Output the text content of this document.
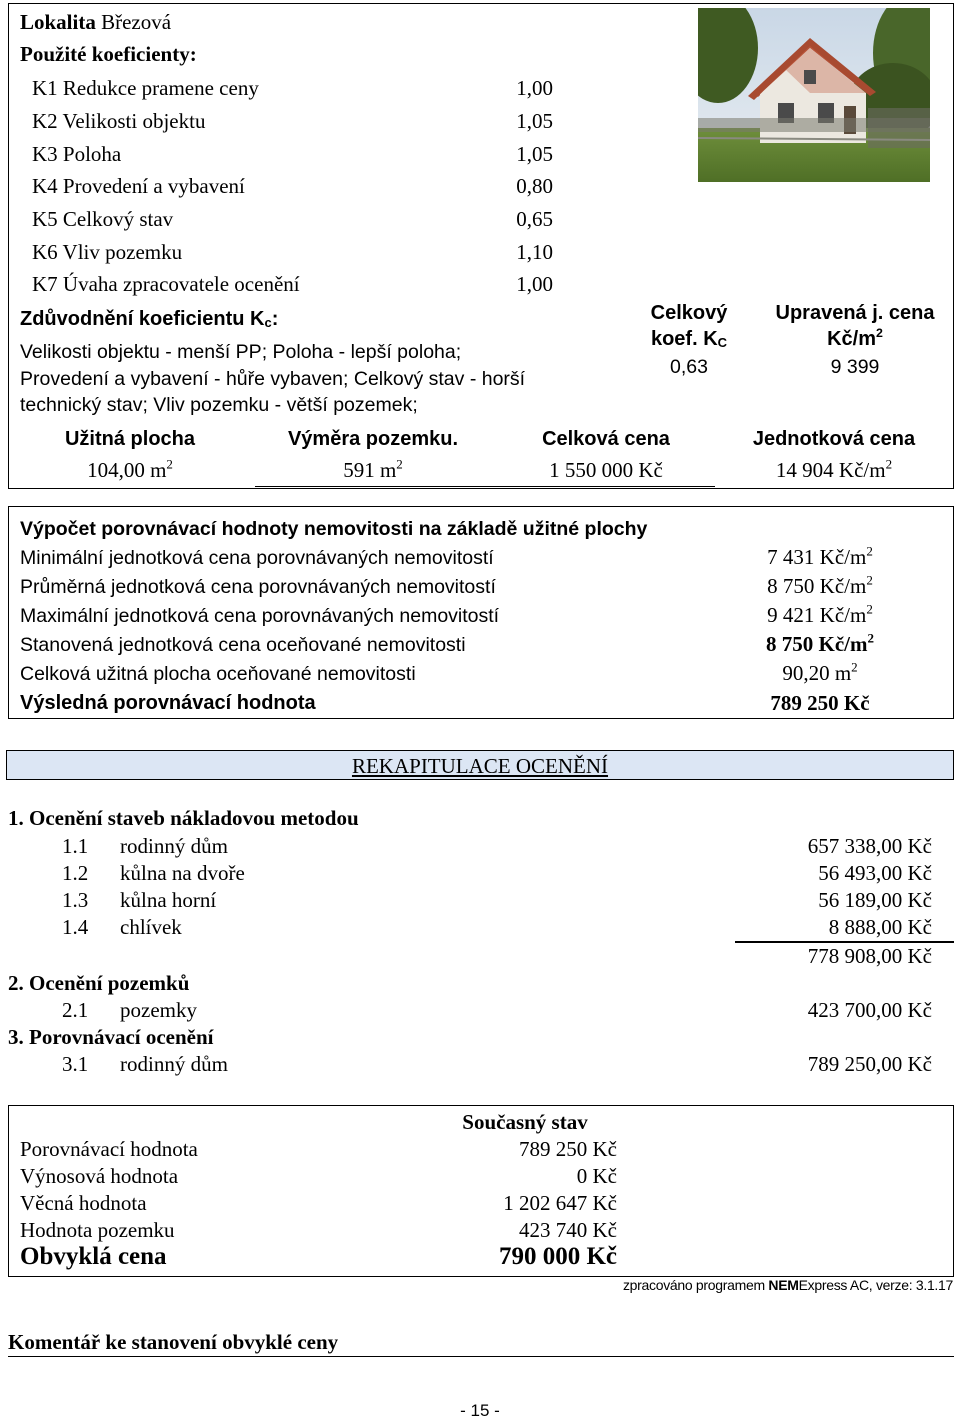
Lokalita Březová
Použité koeficienty:
K1 Redukce pramene ceny	1,00
K2 Velikosti objektu	1,05
K3 Poloha	1,05
K4 Provedení a vybavení	0,80
K5 Celkový stav	0,65
K6 Vliv pozemku	1,10
K7 Úvaha zpracovatele ocenění	1,00
Zdůvodnění koeficientu $K_c$:
Velikosti objektu - menší PP; Poloha - lepší poloha;
Provedení a vybavení - hůře vybaven; Celkový stav - horší
technický stav; Vliv pozemku - větší pozemek;
Celkový
koef. $K_C$
0,63
Upravená j. cena
$Kč/m^2$
9 399
Užitná plocha	Výměra pozemku.	Celková cena	Jednotková cena
104,00 $m^2$	591 $m^2$	1 550 000 Kč	14 904 $Kč/m^2$
Výpočet porovnávací hodnoty nemovitosti na základě užitné plochy
Minimální jednotková cena porovnávaných nemovitostí	7 431 $Kč/m^2$
Průměrná jednotková cena porovnávaných nemovitostí	8 750 $Kč/m^2$
Maximální jednotková cena porovnávaných nemovitostí	9 421 $Kč/m^2$
Stanovená jednotková cena oceňované nemovitosti	8 750 $Kč/m^2$
Celková užitná plocha oceňované nemovitosti	90,20 $m^2$
Výsledná porovnávací hodnota	789 250 Kč
REKAPITULACE OCENĚNÍ
1. Ocenění staveb nákladovou metodou
1.1 rodinný dům	657 338,00 Kč
1.2 kůlna na dvoře	56 493,00 Kč
1.3 kůlna horní	56 189,00 Kč
1.4 chlívek	8 888,00 Kč
778 908,00 Kč
2. Ocenění pozemků
2.1 pozemky	423 700,00 Kč
3. Porovnávací ocenění
3.1 rodinný dům	789 250,00 Kč
Současný stav
Porovnávací hodnota	789 250 Kč
Výnosová hodnota	0 Kč
Věcná hodnota	1 202 647 Kč
Hodnota pozemku	423 740 Kč
Obvyklá cena	790 000 Kč
zpracováno programem NEMExpress AC, verze: 3.1.17
Komentář ke stanovení obvyklé ceny
- 15 -
